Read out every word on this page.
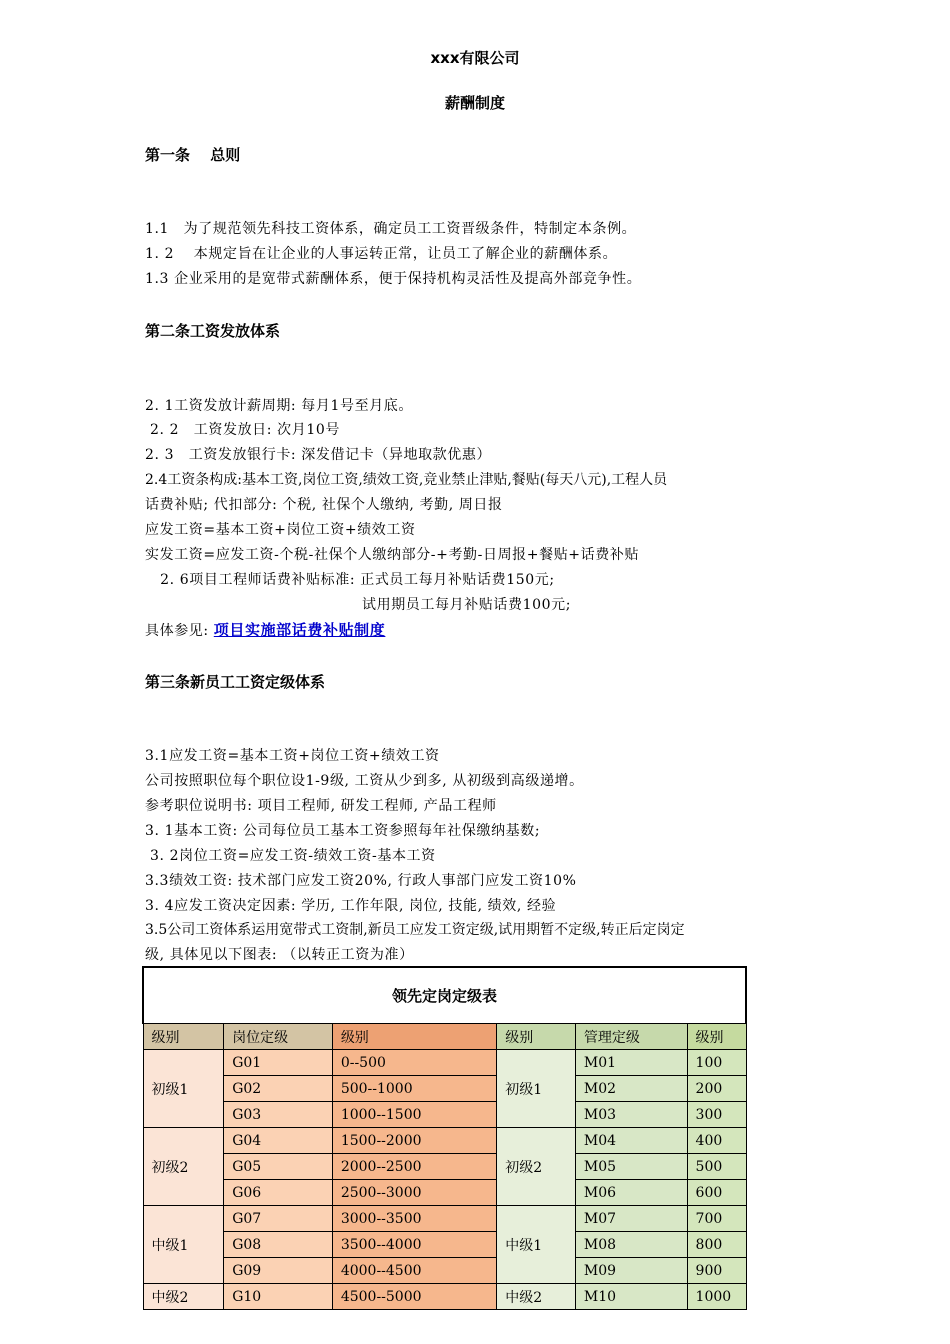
xxx有限公司
薪酬制度
第一条　 总则
1.1　为了规范领先科技工资体系，确定员工工资晋级条件，特制定本条例。
1. 2　 本规定旨在让企业的人事运转正常，让员工了解企业的薪酬体系。
1.3 企业采用的是宽带式薪酬体系，便于保持机构灵活性及提高外部竞争性。
第二条工资发放体系
2. 1工资发放计薪周期: 每月1号至月底。
2. 2　工资发放日: 次月10号
2. 3　工资发放银行卡: 深发借记卡（异地取款优惠）
2.4工资条构成:基本工资,岗位工资,绩效工资,竞业禁止津贴,餐贴(每天八元),工程人员
话费补贴; 代扣部分: 个税, 社保个人缴纳, 考勤, 周日报
应发工资=基本工资+岗位工资+绩效工资
实发工资=应发工资-个税-社保个人缴纳部分-+考勤-日周报+餐贴+话费补贴
2. 6项目工程师话费补贴标准: 正式员工每月补贴话费150元;
试用期员工每月补贴话费100元;
具体参见: 项目实施部话费补贴制度
第三条新员工工资定级体系
3.1应发工资=基本工资+岗位工资+绩效工资
公司按照职位每个职位设1-9级, 工资从少到多, 从初级到高级递增。
参考职位说明书: 项目工程师, 研发工程师, 产品工程师
3. 1基本工资: 公司每位员工基本工资参照每年社保缴纳基数;
3. 2岗位工资=应发工资-绩效工资-基本工资
3.3绩效工资: 技术部门应发工资20%, 行政人事部门应发工资10%
3. 4应发工资决定因素: 学历, 工作年限, 岗位, 技能, 绩效, 经验
3.5公司工资体系运用宽带式工资制,新员工应发工资定级,试用期暂不定级,转正后定岗定
级, 具体见以下图表: （以转正工资为准）
领先定岗定级表					
级别	岗位定级	级别	级别	管理定级	级别
初级1	G01	0--500	初级1	M01	100
	G02	500--1000		M02	200
	G03	1000--1500		M03	300
初级2	G04	1500--2000	初级2	M04	400
	G05	2000--2500		M05	500
	G06	2500--3000		M06	600
中级1	G07	3000--3500	中级1	M07	700
	G08	3500--4000		M08	800
	G09	4000--4500		M09	900
中级2	G10	4500--5000	中级2	M10	1000
